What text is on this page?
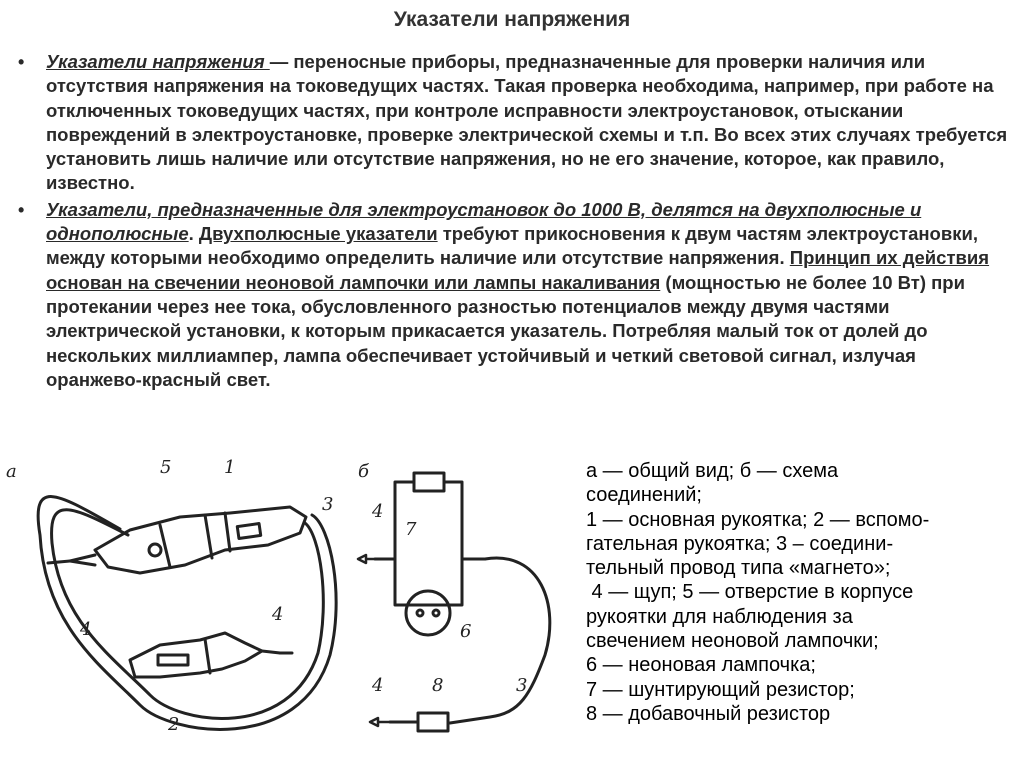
Указатели напряжения

• Указатели напряжения — переносные приборы, предназначенные для проверки наличия или отсутствия напряжения на токоведущих частях. Такая проверка необходима, например, при работе на отключенных токоведущих частях, при контроле исправности электроустановок, отыскании повреждений в электроустановке, проверке электрической схемы и т.п. Во всех этих случаях требуется установить лишь наличие или отсутствие напряжения, но не его значение, которое, как правило, известно.

• Указатели, предназначенные для электроустановок до 1000 В, делятся на двухполюсные и однополюсные. Двухполюсные указатели требуют прикосновения к двум частям электроустановки, между которыми необходимо определить наличие или отсутствие напряжения. Принцип их действия основан на свечении неоновой лампочки или лампы накаливания (мощностью не более 10 Вт) при протекании через нее тока, обусловленного разностью потенциалов между двумя частями электрической установки, к которым прикасается указатель. Потребляя малый ток от долей до нескольких миллиампер, лампа обеспечивает устойчивый и четкий световой сигнал, излучая оранжево-красный свет.

а	5	1
3
4
4
2
б
4
7
6
4	8	3
а — общий вид; б — схема
соединений;
1 — основная рукоятка; 2 — вспомо-
гательная рукоятка; 3 – соедини-
тельный провод типа «магнето»;
4 — щуп; 5 — отверстие в корпусе
рукоятки для наблюдения за
свечением неоновой лампочки;
6 — неоновая лампочка;
7 — шунтирующий резистор;
8 — добавочный резистор
